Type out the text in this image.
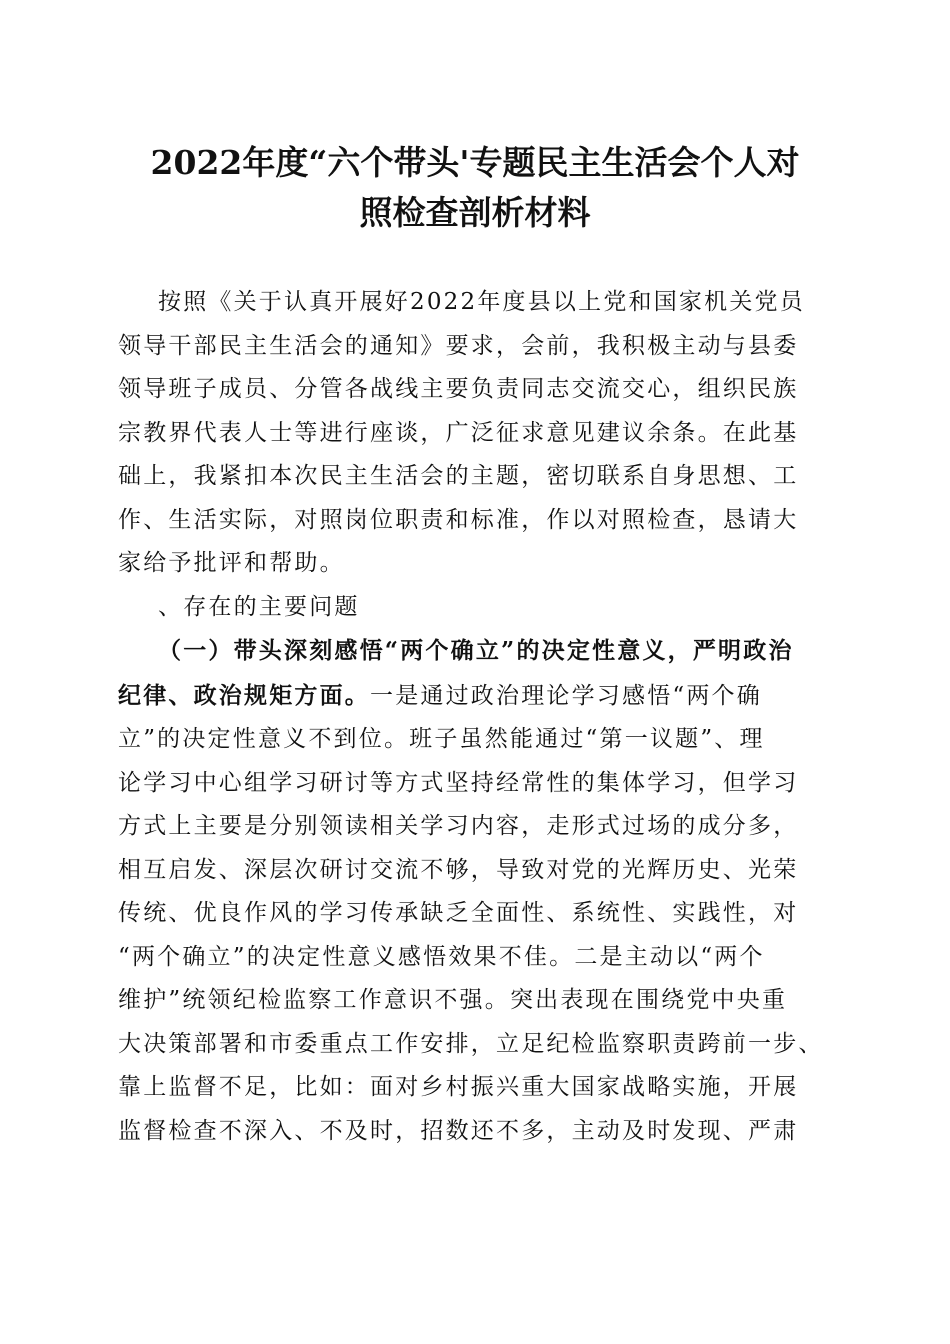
2022年度“六个带头'专题民主生活会个人对
照检查剖析材料
按照《关于认真开展好2022年度县以上党和国家机关党员
领导干部民主生活会的通知》要求，会前，我积极主动与县委
领导班子成员、分管各战线主要负责同志交流交心，组织民族
宗教界代表人士等进行座谈，广泛征求意见建议余条。在此基
础上，我紧扣本次民主生活会的主题，密切联系自身思想、工
作、生活实际，对照岗位职责和标准，作以对照检查，恳请大
家给予批评和帮助。
、存在的主要问题
（一）带头深刻感悟“两个确立”的决定性意义，严明政治
纪律、政治规矩方面。一是通过政治理论学习感悟“两个确
立”的决定性意义不到位。班子虽然能通过“第一议题”、理
论学习中心组学习研讨等方式坚持经常性的集体学习，但学习
方式上主要是分别领读相关学习内容，走形式过场的成分多，
相互启发、深层次研讨交流不够，导致对党的光辉历史、光荣
传统、优良作风的学习传承缺乏全面性、系统性、实践性，对
“两个确立”的决定性意义感悟效果不佳。二是主动以“两个
维护”统领纪检监察工作意识不强。突出表现在围绕党中央重
大决策部署和市委重点工作安排，立足纪检监察职责跨前一步、
靠上监督不足，比如：面对乡村振兴重大国家战略实施，开展
监督检查不深入、不及时，招数还不多，主动及时发现、严肃
